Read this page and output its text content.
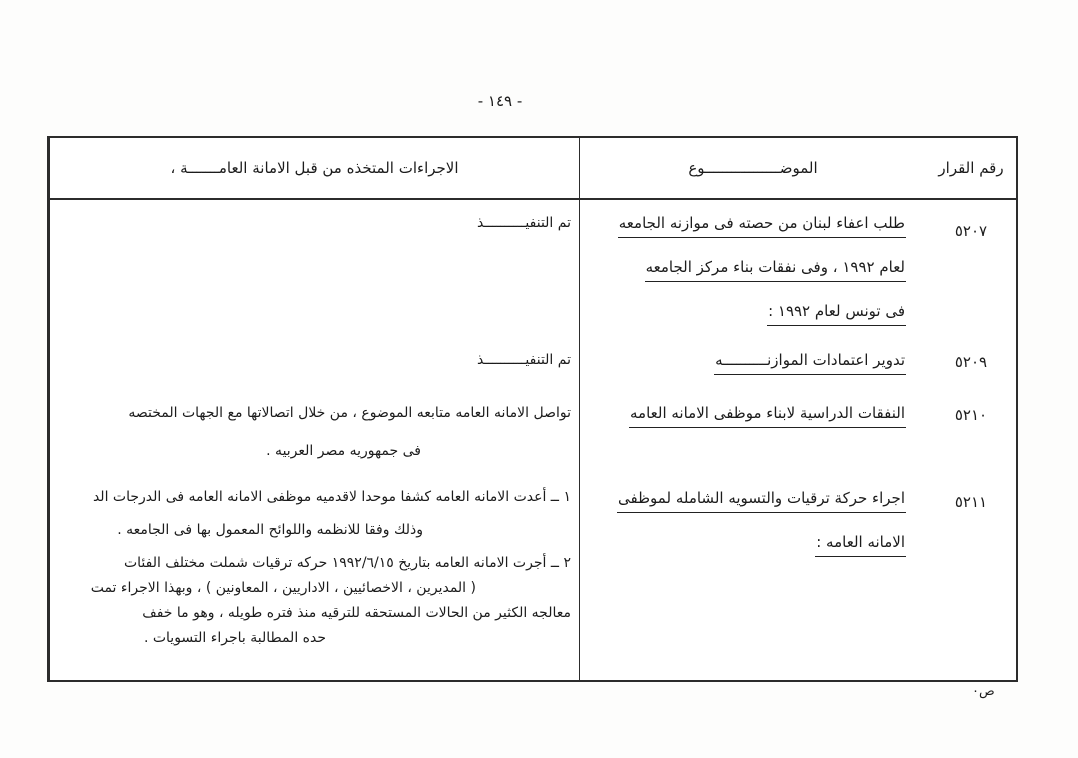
- ١٤٩ -
رقم القرار
الموضـــــــــــــــــوع
الاجراءات المتخذه من قبل الامانة العامـــــــة ،
٥٢٠٧
طلب اعفاء لبنان من حصته فى موازنه الجامعه
لعام ١٩٩٢ ، وفى نفقات بناء مركز الجامعه
فى تونس لعام ١٩٩٢ :
تم التنفيــــــــــذ
٥٢٠٩
تدوير اعتمادات الموازنــــــــــه
تم التنفيــــــــــذ
٥٢١٠
النفقات الدراسية لابناء موظفى الامانه العامه
تواصل الامانه العامه متابعه الموضوع ، من خلال اتصالاتها مع الجهات المختصه
فى جمهوريه مصر العربيه .
٥٢١١
اجراء حركة ترقيات والتسويه الشامله لموظفى
الامانه العامه :
١ ــ أعدت الامانه العامه كشفا موحدا لاقدميه موظفى الامانه العامه فى الدرجات الد
وذلك وفقا للانظمه واللوائح المعمول بها فى الجامعه .
٢ ــ أجرت الامانه العامه بتاريخ ١٩٩٢/٦/١٥ حركه ترقيات شملت مختلف الفئات
( المديرين ، الاخصائيين ، الاداريين ، المعاونين ) ، وبهذا الاجراء تمت
معالجه الكثير من الحالات المستحقه للترقيه منذ فتره طويله ، وهو ما خفف
حده المطالبة باجراء التسويات .
ص٠
